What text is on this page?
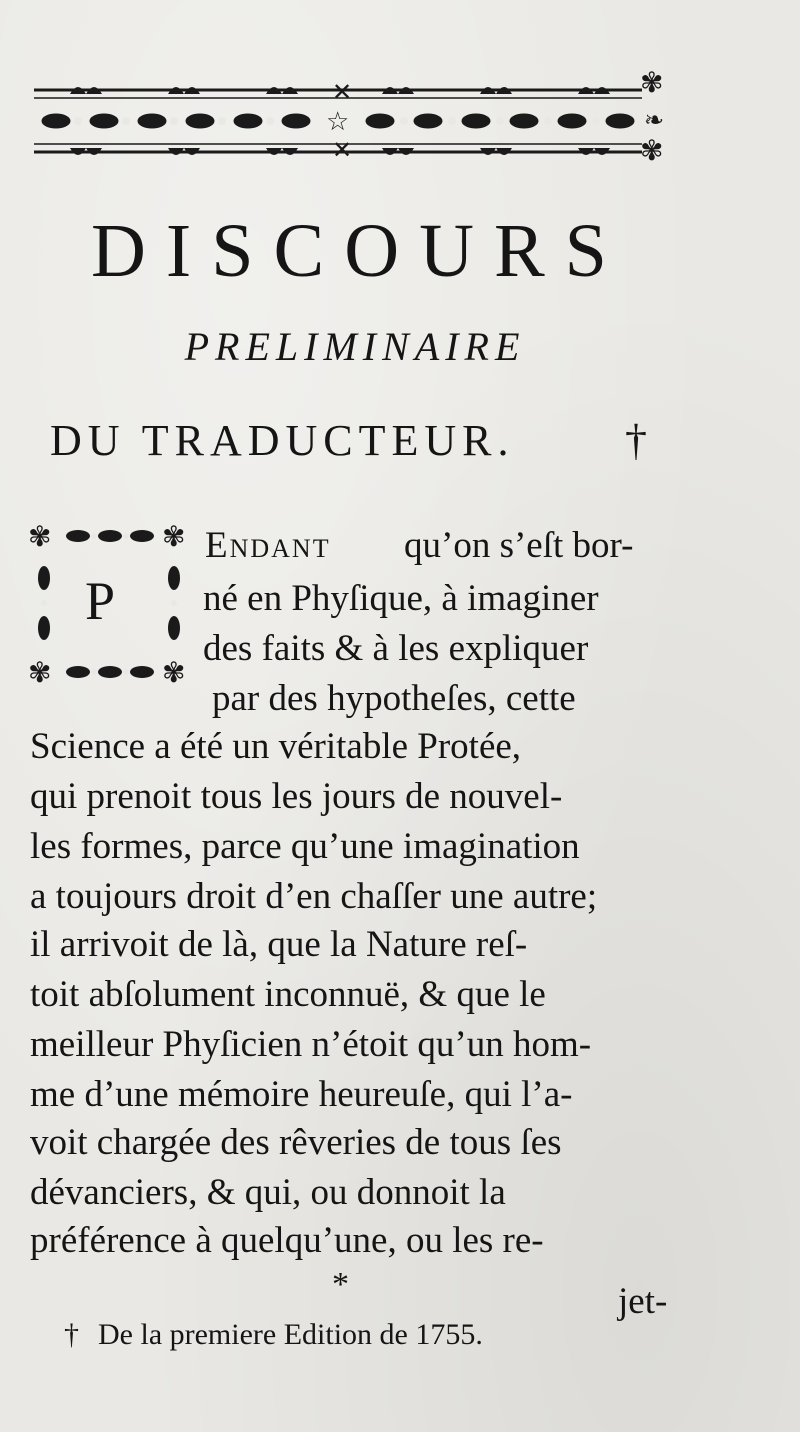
✕
✕
☆
✾
❧
✾
DISCOURS
PRELIMINAIRE
DU TRADUCTEUR.	†
✾	✾
✾	✾
P
Endant qu’on s’eſt bor-
né en Phyſique, à imaginer
des faits & à les expliquer
par des hypotheſes, cette
Science a été un véritable Protée,
qui prenoit tous les jours de nouvel-
les formes, parce qu’une imagination
a toujours droit d’en chaſſer une autre;
il arrivoit de là, que la Nature reſ-
toit abſolument inconnuë, & que le
meilleur Phyſicien n’étoit qu’un hom-
me d’une mémoire heureuſe, qui l’a-
voit chargée des rêveries de tous ſes
dévanciers, & qui, ou donnoit la
préférence à quelqu’une, ou les re-
*	jet-
† De la premiere Edition de 1755.
